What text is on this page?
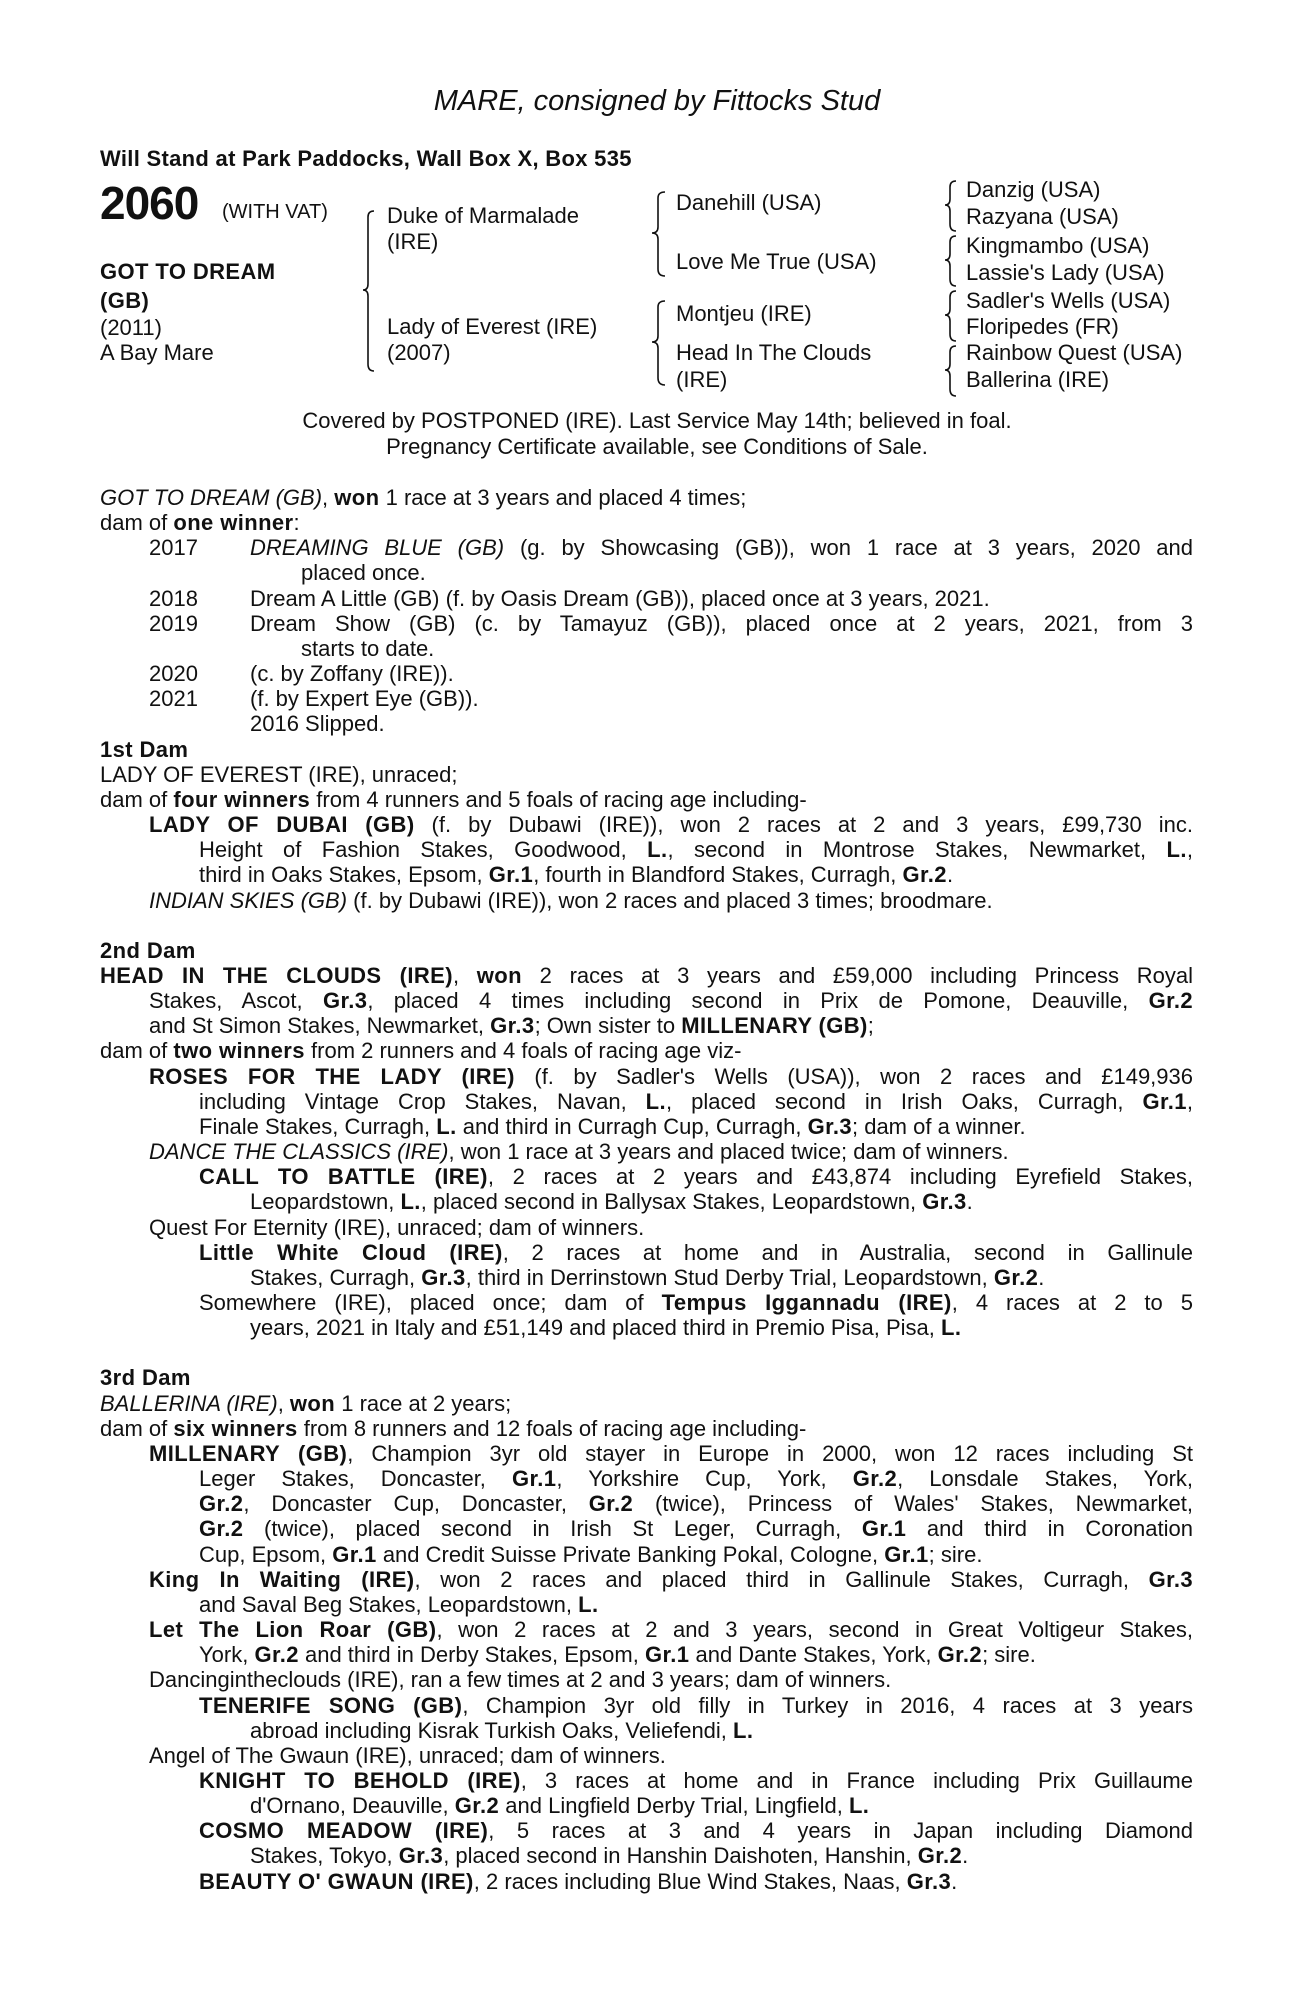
MARE, consigned by Fittocks Stud
Will Stand at Park Paddocks, Wall Box X, Box 535
2060 (WITH VAT)
GOT TO DREAM
(GB)
(2011)
A Bay Mare
Duke of Marmalade
(IRE)
Lady of Everest (IRE)
(2007)
Danehill (USA)
Love Me True (USA)
Montjeu (IRE)
Head In The Clouds
(IRE)
Danzig (USA)
Razyana (USA)
Kingmambo (USA)
Lassie's Lady (USA)
Sadler's Wells (USA)
Floripedes (FR)
Rainbow Quest (USA)
Ballerina (IRE)
Covered by POSTPONED (IRE). Last Service May 14th; believed in foal.
Pregnancy Certificate available, see Conditions of Sale.
GOT TO DREAM (GB), won 1 race at 3 years and placed 4 times;
dam of one winner:
2017 DREAMING BLUE (GB) (g. by Showcasing (GB)), won 1 race at 3 years, 2020 and
placed once.
2018 Dream A Little (GB) (f. by Oasis Dream (GB)), placed once at 3 years, 2021.
2019 Dream Show (GB) (c. by Tamayuz (GB)), placed once at 2 years, 2021, from 3
starts to date.
2020 (c. by Zoffany (IRE)).
2021 (f. by Expert Eye (GB)).
2016 Slipped.
1st Dam
LADY OF EVEREST (IRE), unraced;
dam of four winners from 4 runners and 5 foals of racing age including-
LADY OF DUBAI (GB) (f. by Dubawi (IRE)), won 2 races at 2 and 3 years, £99,730 inc.
Height of Fashion Stakes, Goodwood, L., second in Montrose Stakes, Newmarket, L.,
third in Oaks Stakes, Epsom, Gr.1, fourth in Blandford Stakes, Curragh, Gr.2.
INDIAN SKIES (GB) (f. by Dubawi (IRE)), won 2 races and placed 3 times; broodmare.

2nd Dam
HEAD IN THE CLOUDS (IRE), won 2 races at 3 years and £59,000 including Princess Royal
Stakes, Ascot, Gr.3, placed 4 times including second in Prix de Pomone, Deauville, Gr.2
and St Simon Stakes, Newmarket, Gr.3; Own sister to MILLENARY (GB);
dam of two winners from 2 runners and 4 foals of racing age viz-
ROSES FOR THE LADY (IRE) (f. by Sadler's Wells (USA)), won 2 races and £149,936
including Vintage Crop Stakes, Navan, L., placed second in Irish Oaks, Curragh, Gr.1,
Finale Stakes, Curragh, L. and third in Curragh Cup, Curragh, Gr.3; dam of a winner.
DANCE THE CLASSICS (IRE), won 1 race at 3 years and placed twice; dam of winners.
CALL TO BATTLE (IRE), 2 races at 2 years and £43,874 including Eyrefield Stakes,
Leopardstown, L., placed second in Ballysax Stakes, Leopardstown, Gr.3.
Quest For Eternity (IRE), unraced; dam of winners.
Little White Cloud (IRE), 2 races at home and in Australia, second in Gallinule
Stakes, Curragh, Gr.3, third in Derrinstown Stud Derby Trial, Leopardstown, Gr.2.
Somewhere (IRE), placed once; dam of Tempus Iggannadu (IRE), 4 races at 2 to 5
years, 2021 in Italy and £51,149 and placed third in Premio Pisa, Pisa, L.

3rd Dam
BALLERINA (IRE), won 1 race at 2 years;
dam of six winners from 8 runners and 12 foals of racing age including-
MILLENARY (GB), Champion 3yr old stayer in Europe in 2000, won 12 races including St
Leger Stakes, Doncaster, Gr.1, Yorkshire Cup, York, Gr.2, Lonsdale Stakes, York,
Gr.2, Doncaster Cup, Doncaster, Gr.2 (twice), Princess of Wales' Stakes, Newmarket,
Gr.2 (twice), placed second in Irish St Leger, Curragh, Gr.1 and third in Coronation
Cup, Epsom, Gr.1 and Credit Suisse Private Banking Pokal, Cologne, Gr.1; sire.
King In Waiting (IRE), won 2 races and placed third in Gallinule Stakes, Curragh, Gr.3
and Saval Beg Stakes, Leopardstown, L.
Let The Lion Roar (GB), won 2 races at 2 and 3 years, second in Great Voltigeur Stakes,
York, Gr.2 and third in Derby Stakes, Epsom, Gr.1 and Dante Stakes, York, Gr.2; sire.
Dancingintheclouds (IRE), ran a few times at 2 and 3 years; dam of winners.
TENERIFE SONG (GB), Champion 3yr old filly in Turkey in 2016, 4 races at 3 years
abroad including Kisrak Turkish Oaks, Veliefendi, L.
Angel of The Gwaun (IRE), unraced; dam of winners.
KNIGHT TO BEHOLD (IRE), 3 races at home and in France including Prix Guillaume
d'Ornano, Deauville, Gr.2 and Lingfield Derby Trial, Lingfield, L.
COSMO MEADOW (IRE), 5 races at 3 and 4 years in Japan including Diamond
Stakes, Tokyo, Gr.3, placed second in Hanshin Daishoten, Hanshin, Gr.2.
BEAUTY O' GWAUN (IRE), 2 races including Blue Wind Stakes, Naas, Gr.3.
